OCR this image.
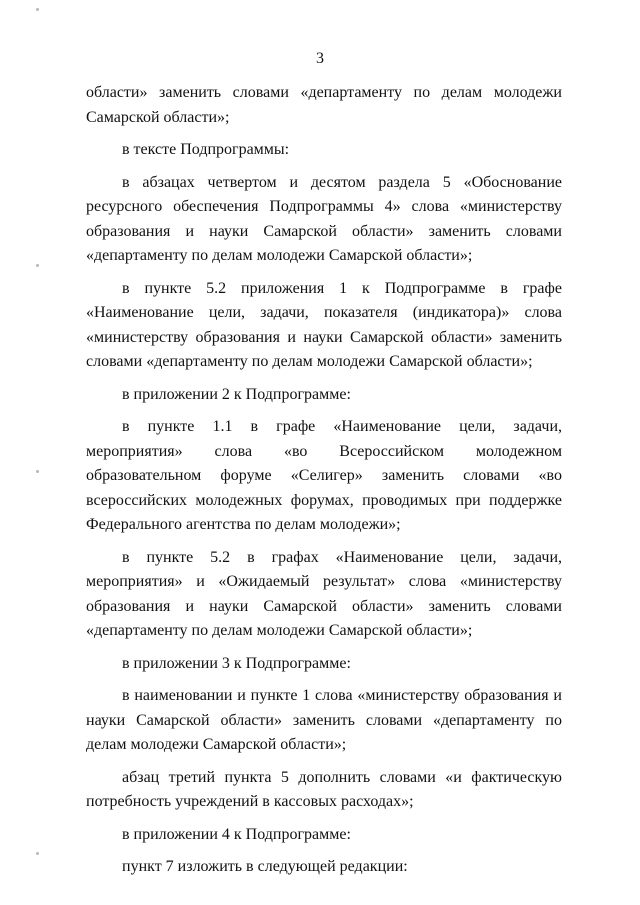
3

области» заменить словами «департаменту по делам молодежи Самарской области»;

в тексте Подпрограммы:

в абзацах четвертом и десятом раздела 5 «Обоснование ресурсного обеспечения Подпрограммы 4» слова «министерству образования и науки Самарской области» заменить словами «департаменту по делам молодежи Самарской области»;

в пункте 5.2 приложения 1 к Подпрограмме в графе «Наименование цели, задачи, показателя (индикатора)» слова «министерству образования и науки Самарской области» заменить словами «департаменту по делам молодежи Самарской области»;

в приложении 2 к Подпрограмме:

в пункте 1.1 в графе «Наименование цели, задачи, мероприятия» слова «во Всероссийском молодежном образовательном форуме «Селигер» заменить словами «во всероссийских молодежных форумах, проводимых при поддержке Федерального агентства по делам молодежи»;

в пункте 5.2 в графах «Наименование цели, задачи, мероприятия» и «Ожидаемый результат» слова «министерству образования и науки Самарской области» заменить словами «департаменту по делам молодежи Самарской области»;

в приложении 3 к Подпрограмме:

в наименовании и пункте 1 слова «министерству образования и науки Самарской области» заменить словами «департаменту по делам молодежи Самарской области»;

абзац третий пункта 5 дополнить словами «и фактическую потребность учреждений в кассовых расходах»;

в приложении 4 к Подпрограмме:

пункт 7 изложить в следующей редакции:
